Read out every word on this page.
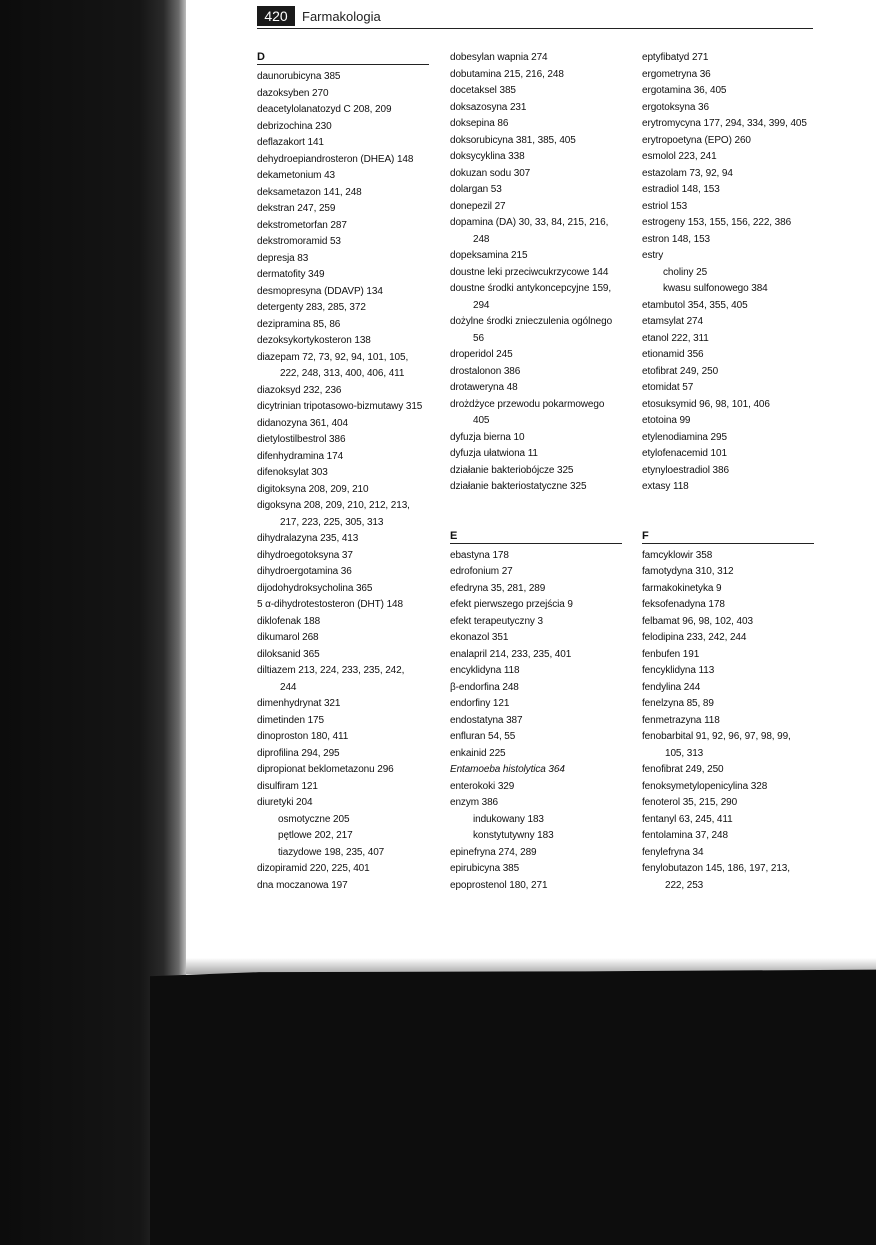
420	Farmakologia
D
daunorubicyna 385
dazoksyben 270
deacetylolanatozyd C 208, 209
debrizochina 230
deflazakort 141
dehydroepiandrosteron (DHEA) 148
dekametonium 43
deksametazon 141, 248
dekstran 247, 259
dekstrometorfan 287
dekstromoramid 53
depresja 83
dermatofity 349
desmopresyna (DDAVP) 134
detergenty 283, 285, 372
dezipramina 85, 86
dezoksykortykosteron 138
diazepam 72, 73, 92, 94, 101, 105,
222, 248, 313, 400, 406, 411
diazoksyd 232, 236
dicytrinian tripotasowo-bizmutawy 315
didanozyna 361, 404
dietylostilbestrol 386
difenhydramina 174
difenoksylat 303
digitoksyna 208, 209, 210
digoksyna 208, 209, 210, 212, 213,
217, 223, 225, 305, 313
dihydralazyna 235, 413
dihydroegotoksyna 37
dihydroergotamina 36
dijodohydroksycholina 365
5 α-dihydrotestosteron (DHT) 148
diklofenak 188
dikumarol 268
diloksanid 365
diltiazem 213, 224, 233, 235, 242,
244
dimenhydrynat 321
dimetinden 175
dinoproston 180, 411
diprofilina 294, 295
dipropionat beklometazonu 296
disulfiram 121
diuretyki 204
osmotyczne 205
pętlowe 202, 217
tiazydowe 198, 235, 407
dizopiramid 220, 225, 401
dna moczanowa 197
dobesylan wapnia 274
dobutamina 215, 216, 248
docetaksel 385
doksazosyna 231
doksepina 86
doksorubicyna 381, 385, 405
doksycyklina 338
dokuzan sodu 307
dolargan 53
donepezil 27
dopamina (DA) 30, 33, 84, 215, 216,
248
dopeksamina 215
doustne leki przeciwcukrzycowe 144
doustne środki antykoncepcyjne 159,
294
dożylne środki znieczulenia ogólnego
56
droperidol 245
drostalonon 386
drotaweryna 48
drożdżyce przewodu pokarmowego
405
dyfuzja bierna 10
dyfuzja ułatwiona 11
działanie bakteriobójcze 325
działanie bakteriostatyczne 325
E
ebastyna 178
edrofonium 27
efedryna 35, 281, 289
efekt pierwszego przejścia 9
efekt terapeutyczny 3
ekonazol 351
enalapril 214, 233, 235, 401
encyklidyna 118
β-endorfina 248
endorfiny 121
endostatyna 387
enfluran 54, 55
enkainid 225
Entamoeba histolytica 364
enterokoki 329
enzym 386
indukowany 183
konstytutywny 183
epinefryna 274, 289
epirubicyna 385
epoprostenol 180, 271
eptyfibatyd 271
ergometryna 36
ergotamina 36, 405
ergotoksyna 36
erytromycyna 177, 294, 334, 399, 405
erytropoetyna (EPO) 260
esmolol 223, 241
estazolam 73, 92, 94
estradiol 148, 153
estriol 153
estrogeny 153, 155, 156, 222, 386
estron 148, 153
estry
choliny 25
kwasu sulfonowego 384
etambutol 354, 355, 405
etamsylat 274
etanol 222, 311
etionamid 356
etofibrat 249, 250
etomidat 57
etosuksymid 96, 98, 101, 406
etotoina 99
etylenodiamina 295
etylofenacemid 101
etynyloestradiol 386
extasy 118
F
famcyklowir 358
famotydyna 310, 312
farmakokinetyka 9
feksofenadyna 178
felbamat 96, 98, 102, 403
felodipina 233, 242, 244
fenbufen 191
fencyklidyna 113
fendylina 244
fenelzyna 85, 89
fenmetrazyna 118
fenobarbital 91, 92, 96, 97, 98, 99,
105, 313
fenofibrat 249, 250
fenoksymetylopenicylina 328
fenoterol 35, 215, 290
fentanyl 63, 245, 411
fentolamina 37, 248
fenylefryna 34
fenylobutazon 145, 186, 197, 213,
222, 253
